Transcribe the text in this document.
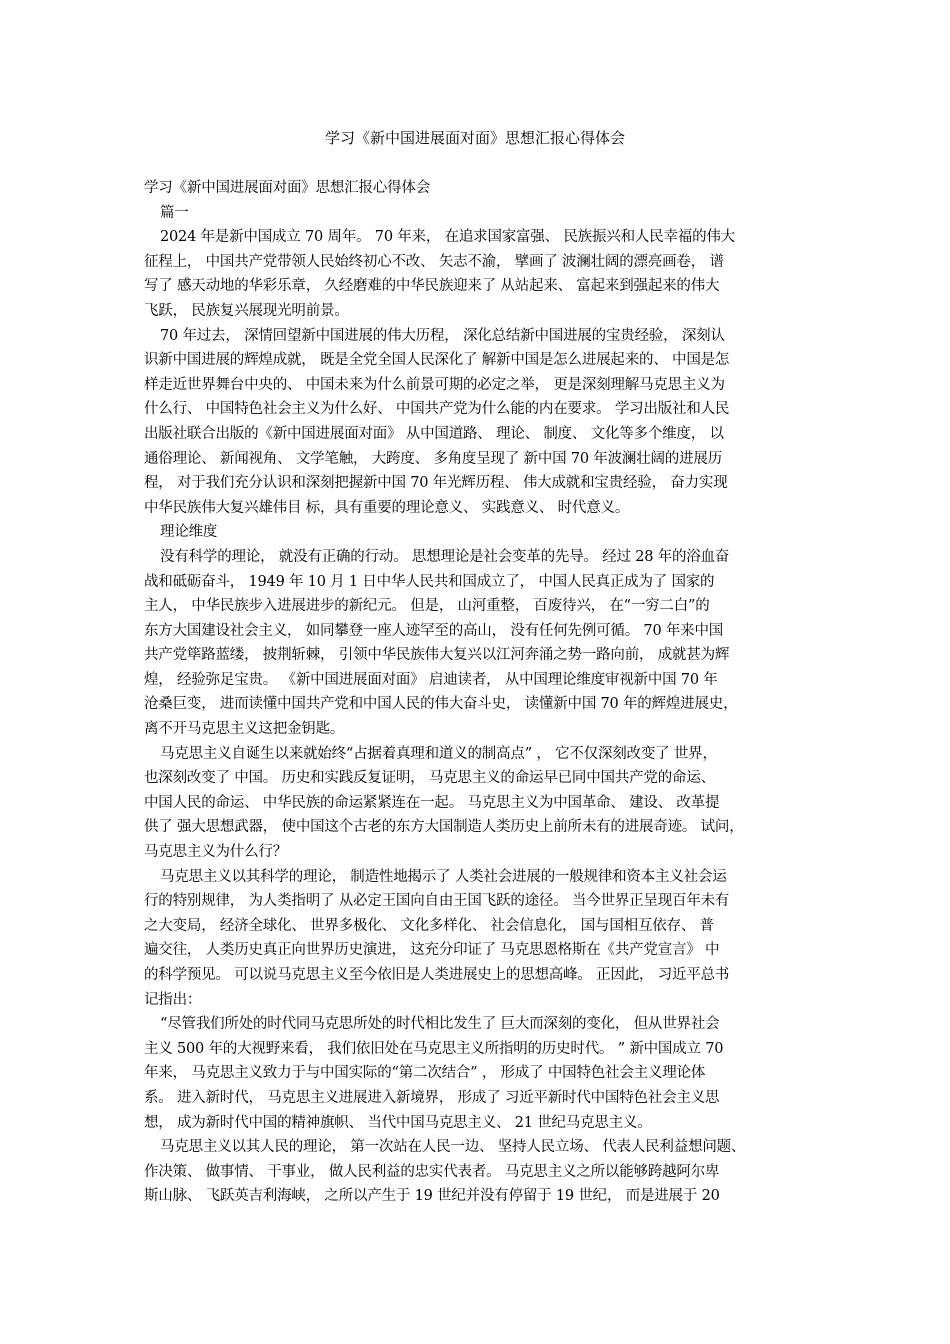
学习《新中国进展面对面》思想汇报心得体会

学习《新中国进展面对面》思想汇报心得体会

篇一

2024 年是新中国成立 70 周年。 70 年来， 在追求国家富强、 民族振兴和人民幸福的伟大

征程上， 中国共产党带领人民始终初心不改、 矢志不渝， 擘画了 波澜壮阔的漂亮画卷， 谱

写了 感天动地的华彩乐章， 久经磨难的中华民族迎来了 从站起来、 富起来到强起来的伟大

飞跃， 民族复兴展现光明前景。

70 年过去， 深情回望新中国进展的伟大历程， 深化总结新中国进展的宝贵经验， 深刻认

识新中国进展的辉煌成就， 既是全党全国人民深化了 解新中国是怎么进展起来的、 中国是怎

样走近世界舞台中央的、 中国未来为什么前景可期的必定之举， 更是深刻理解马克思主义为

什么行、 中国特色社会主义为什么好、 中国共产党为什么能的内在要求。 学习出版社和人民

出版社联合出版的《新中国进展面对面》 从中国道路、 理论、 制度、 文化等多个维度， 以

通俗理论、 新闻视角、 文学笔触， 大跨度、 多角度呈现了 新中国 70 年波澜壮阔的进展历

程， 对于我们充分认识和深刻把握新中国 70 年光辉历程、 伟大成就和宝贵经验， 奋力实现

中华民族伟大复兴雄伟目 标，具有重要的理论意义、 实践意义、 时代意义。

理论维度

没有科学的理论， 就没有正确的行动。 思想理论是社会变革的先导。 经过 28 年的浴血奋

战和砥砺奋斗， 1949 年 10 月 1 日中华人民共和国成立了， 中国人民真正成为了 国家的

主人， 中华民族步入进展进步的新纪元。 但是， 山河重整， 百废待兴， 在“一穷二白”的

东方大国建设社会主义， 如同攀登一座人迹罕至的高山， 没有任何先例可循。 70 年来中国

共产党筚路蓝缕， 披荆斩棘， 引领中华民族伟大复兴以江河奔涌之势一路向前， 成就甚为辉

煌， 经验弥足宝贵。 《新中国进展面对面》 启迪读者， 从中国理论维度审视新中国 70 年

沧桑巨变， 进而读懂中国共产党和中国人民的伟大奋斗史， 读懂新中国 70 年的辉煌进展史，

离不开马克思主义这把金钥匙。

马克思主义自诞生以来就始终“占据着真理和道义的制高点” ， 它不仅深刻改变了 世界，

也深刻改变了 中国。 历史和实践反复证明， 马克思主义的命运早已同中国共产党的命运、

中国人民的命运、 中华民族的命运紧紧连在一起。 马克思主义为中国革命、 建设、 改革提

供了 强大思想武器， 使中国这个古老的东方大国制造人类历史上前所未有的进展奇迹。 试问，

马克思主义为什么行？

马克思主义以其科学的理论， 制造性地揭示了 人类社会进展的一般规律和资本主义社会运

行的特别规律， 为人类指明了 从必定王国向自由王国飞跃的途径。 当今世界正呈现百年未有

之大变局， 经济全球化、 世界多极化、 文化多样化、 社会信息化， 国与国相互依存、 普

遍交往， 人类历史真正向世界历史演进， 这充分印证了 马克思恩格斯在《共产党宣言》 中

的科学预见。 可以说马克思主义至今依旧是人类进展史上的思想高峰。 正因此， 习近平总书

记指出：

“尽管我们所处的时代同马克思所处的时代相比发生了 巨大而深刻的变化， 但从世界社会

主义 500 年的大视野来看， 我们依旧处在马克思主义所指明的历史时代。 ” 新中国成立 70

年来， 马克思主义致力于与中国实际的“第二次结合” ， 形成了 中国特色社会主义理论体

系。 进入新时代， 马克思主义进展进入新境界， 形成了 习近平新时代中国特色社会主义思

想， 成为新时代中国的精神旗帜、 当代中国马克思主义、 21 世纪马克思主义。

马克思主义以其人民的理论， 第一次站在人民一边、 坚持人民立场、 代表人民利益想问题、

作决策、 做事情、 干事业， 做人民利益的忠实代表者。 马克思主义之所以能够跨越阿尔卑

斯山脉、 飞跃英吉利海峡， 之所以产生于 19 世纪并没有停留于 19 世纪， 而是进展于 20
